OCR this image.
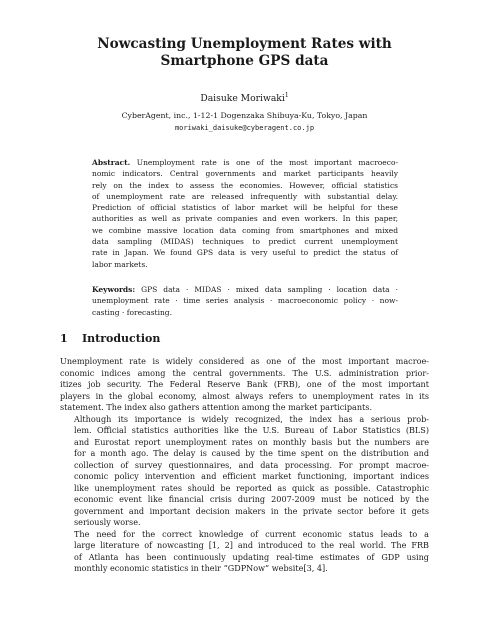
Nowcasting Unemployment Rates with
Smartphone GPS data
Daisuke Moriwaki$^1$
CyberAgent, inc., 1-12-1 Dogenzaka Shibuya-Ku, Tokyo, Japan
moriwaki_daisuke@cyberagent.co.jp
Abstract. Unemployment rate is one of the most important macroeco-
nomic indicators. Central governments and market participants heavily
rely on the index to assess the economies. However, official statistics
of unemployment rate are released infrequently with substantial delay.
Prediction of official statistics of labor market will be helpful for these
authorities as well as private companies and even workers. In this paper,
we combine massive location data coming from smartphones and mixed
data sampling (MIDAS) techniques to predict current unemployment
rate in Japan. We found GPS data is very useful to predict the status of
labor markets.
Keywords: GPS data · MIDAS · mixed data sampling · location data ·
unemployment rate · time series analysis · macroeconomic policy · now-
casting · forecasting.
1 Introduction

Unemployment rate is widely considered as one of the most important macroe-
conomic indices among the central governments. The U.S. administration prior-
itizes job security. The Federal Reserve Bank (FRB), one of the most important
players in the global economy, almost always refers to unemployment rates in its
statement. The index also gathers attention among the market participants.

Although its importance is widely recognized, the index has a serious prob-
lem. Official statistics authorities like the U.S. Bureau of Labor Statistics (BLS)
and Eurostat report unemployment rates on monthly basis but the numbers are
for a month ago. The delay is caused by the time spent on the distribution and
collection of survey questionnaires, and data processing. For prompt macroe-
conomic policy intervention and efficient market functioning, important indices
like unemployment rates should be reported as quick as possible. Catastrophic
economic event like financial crisis during 2007-2009 must be noticed by the
government and important decision makers in the private sector before it gets
seriously worse.

The need for the correct knowledge of current economic status leads to a
large literature of nowcasting [1, 2] and introduced to the real world. The FRB
of Atlanta has been continuously updating real-time estimates of GDP using
monthly economic statistics in their “GDPNow” website[3, 4].
